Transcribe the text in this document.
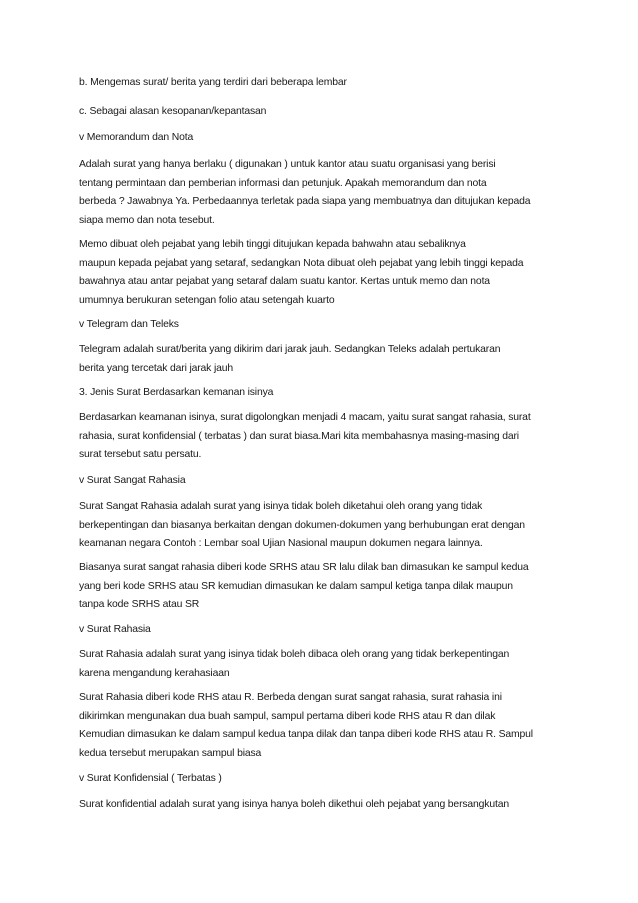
b. Mengemas surat/ berita yang terdiri dari beberapa lembar
c. Sebagai alasan kesopanan/kepantasan
v Memorandum dan Nota
Adalah surat yang hanya berlaku ( digunakan ) untuk kantor atau suatu organisasi yang berisi
tentang permintaan dan pemberian informasi dan petunjuk. Apakah memorandum dan nota
berbeda ? Jawabnya Ya. Perbedaannya terletak pada siapa yang membuatnya dan ditujukan kepada
siapa memo dan nota tesebut.
Memo dibuat oleh pejabat yang lebih tinggi ditujukan kepada bahwahn atau sebaliknya
maupun kepada pejabat yang setaraf, sedangkan Nota dibuat oleh pejabat yang lebih tinggi kepada
bawahnya atau antar pejabat yang setaraf dalam suatu kantor. Kertas untuk memo dan nota
umumnya berukuran setengan folio atau setengah kuarto
v Telegram dan Teleks
Telegram adalah surat/berita yang dikirim dari jarak jauh. Sedangkan Teleks adalah pertukaran
berita yang tercetak dari jarak jauh
3. Jenis Surat Berdasarkan kemanan isinya
Berdasarkan keamanan isinya, surat digolongkan menjadi 4 macam, yaitu surat sangat rahasia, surat
rahasia, surat konfidensial ( terbatas ) dan surat biasa.Mari kita membahasnya masing-masing dari
surat tersebut satu persatu.
v Surat Sangat Rahasia
Surat Sangat Rahasia adalah surat yang isinya tidak boleh diketahui oleh orang yang tidak
berkepentingan dan biasanya berkaitan dengan dokumen-dokumen yang berhubungan erat dengan
keamanan negara Contoh : Lembar soal Ujian Nasional maupun dokumen negara lainnya.
Biasanya surat sangat rahasia diberi kode SRHS atau SR lalu dilak ban dimasukan ke sampul kedua
yang beri kode SRHS atau SR kemudian dimasukan ke dalam sampul ketiga tanpa dilak maupun
tanpa kode SRHS atau SR
v Surat Rahasia
Surat Rahasia adalah surat yang isinya tidak boleh dibaca oleh orang yang tidak berkepentingan
karena mengandung kerahasiaan
Surat Rahasia diberi kode RHS atau R. Berbeda dengan surat sangat rahasia, surat rahasia ini
dikirimkan mengunakan dua buah sampul, sampul pertama diberi kode RHS atau R dan dilak
Kemudian dimasukan ke dalam sampul kedua tanpa dilak dan tanpa diberi kode RHS atau R. Sampul
kedua tersebut merupakan sampul biasa
v Surat Konfidensial ( Terbatas )
Surat konfidential adalah surat yang isinya hanya boleh dikethui oleh pejabat yang bersangkutan
